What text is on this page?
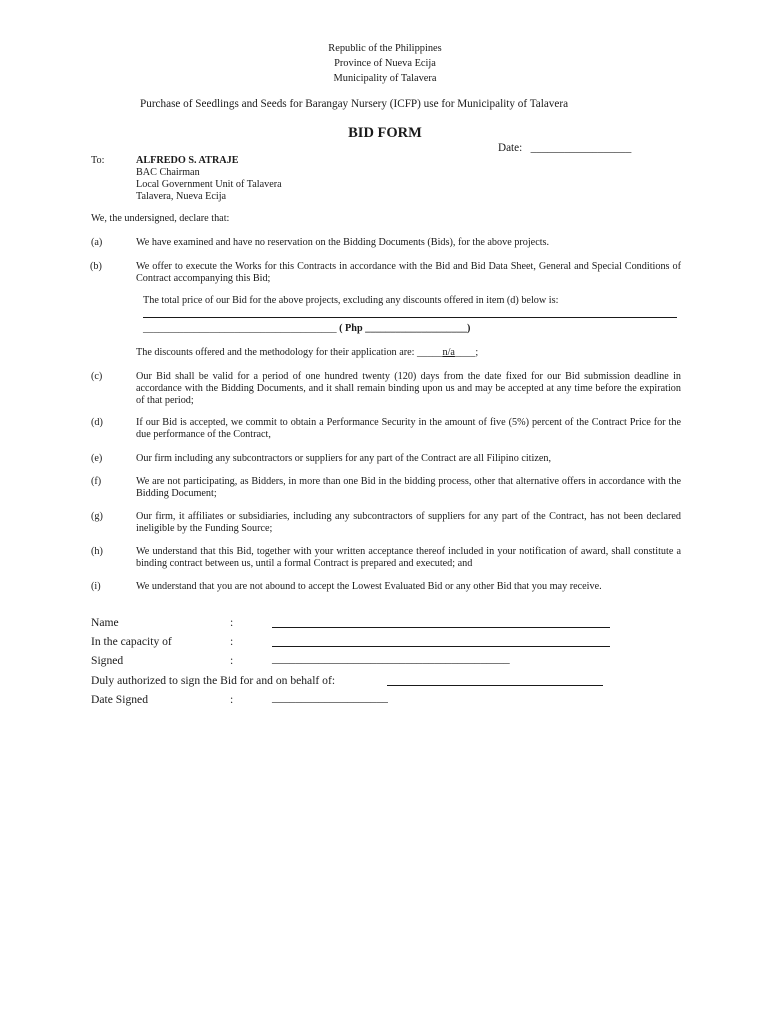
Republic of the Philippines
Province of Nueva Ecija
Municipality of Talavera
Purchase of Seedlings and Seeds for Barangay Nursery (ICFP) use for Municipality of Talavera
BID FORM
Date: __________________
To:	ALFREDO S. ATRAJE
BAC Chairman
Local Government Unit of Talavera
Talavera, Nueva Ecija
We, the undersigned, declare that:
(a)	We have examined and have no reservation on the Bidding Documents (Bids), for the above projects.
(b)	We offer to execute the Works for this Contracts in accordance with the Bid and Bid Data Sheet, General and Special Conditions of Contract accompanying this Bid;
The total price of our Bid for the above projects, excluding any discounts offered in item (d) below is:
______________________________________ ( Php ____________________)
The discounts offered and the methodology for their application are: _____n/a____;
(c)	Our Bid shall be valid for a period of one hundred twenty (120) days from the date fixed for our Bid submission deadline in accordance with the Bidding Documents, and it shall remain binding upon us and may be accepted at any time before the expiration of that period;
(d)	If our Bid is accepted, we commit to obtain a Performance Security in the amount of five (5%) percent of the Contract Price for the due performance of the Contract,
(e)	Our firm including any subcontractors or suppliers for any part of the Contract are all Filipino citizen,
(f)	We are not participating, as Bidders, in more than one Bid in the bidding process, other that alternative offers in accordance with the Bidding Document;
(g)	Our firm, it affiliates or subsidiaries, including any subcontractors of suppliers for any part of the Contract, has not been declared ineligible by the Funding Source;
(h)	We understand that this Bid, together with your written acceptance thereof included in your notification of award, shall constitute a binding contract between us, until a formal Contract is prepared and executed; and
(i)	We understand that you are not abound to accept the Lowest Evaluated Bid or any other Bid that you may receive.
Name	:
In the capacity of	:
Signed	:	_________________________________________
Duly authorized to sign the Bid for and on behalf of:
Date Signed	:	____________________
